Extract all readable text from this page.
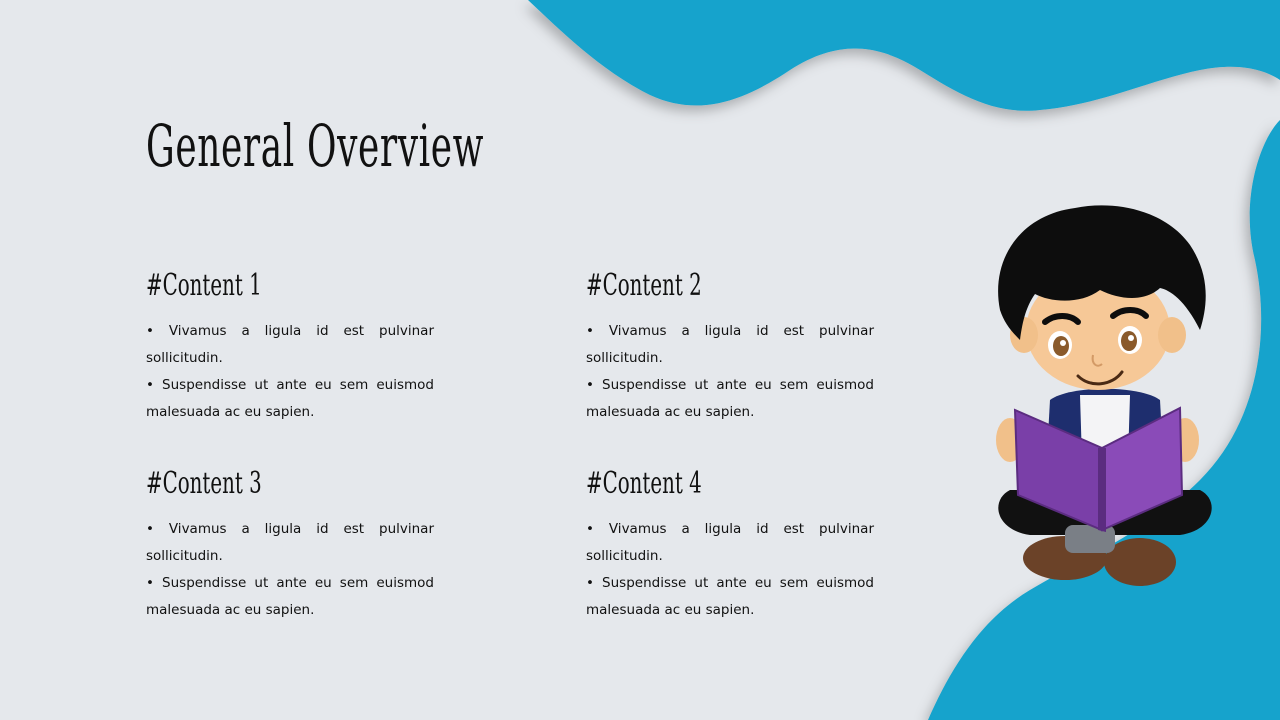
General Overview
#Content 1

• Vivamus a ligula id est pulvinar sollicitudin.

• Suspendisse ut ante eu sem euismod malesuada ac eu sapien.

#Content 2

• Vivamus a ligula id est pulvinar sollicitudin.

• Suspendisse ut ante eu sem euismod malesuada ac eu sapien.

#Content 3

• Vivamus a ligula id est pulvinar sollicitudin.

• Suspendisse ut ante eu sem euismod malesuada ac eu sapien.

#Content 4

• Vivamus a ligula id est pulvinar sollicitudin.

• Suspendisse ut ante eu sem euismod malesuada ac eu sapien.
